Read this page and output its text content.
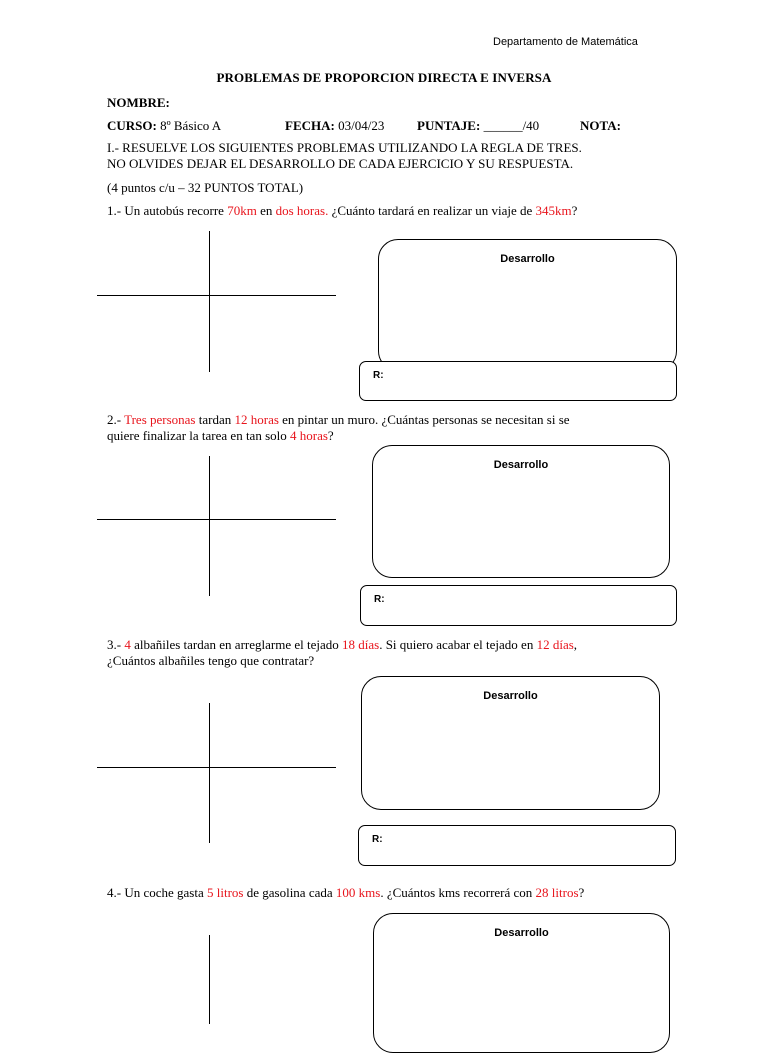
Departamento de Matemática
PROBLEMAS DE PROPORCION DIRECTA E INVERSA
NOMBRE:
CURSO: 8º Básico A	FECHA: 03/04/23	PUNTAJE: ______/40	NOTA:
I.- RESUELVE LOS SIGUIENTES PROBLEMAS UTILIZANDO LA REGLA DE TRES.
NO OLVIDES DEJAR EL DESARROLLO DE CADA EJERCICIO Y SU RESPUESTA.
(4 puntos c/u – 32 PUNTOS TOTAL)
1.- Un autobús recorre 70km en dos horas. ¿Cuánto tardará en realizar un viaje de 345km?
Desarrollo
R:
2.- Tres personas tardan 12 horas en pintar un muro. ¿Cuántas personas se necesitan si se
quiere finalizar la tarea en tan solo 4 horas?
Desarrollo
R:
3.- 4 albañiles tardan en arreglarme el tejado 18 días. Si quiero acabar el tejado en 12 días,
¿Cuántos albañiles tengo que contratar?
Desarrollo
R:
4.- Un coche gasta 5 litros de gasolina cada 100 kms. ¿Cuántos kms recorrerá con 28 litros?
Desarrollo
